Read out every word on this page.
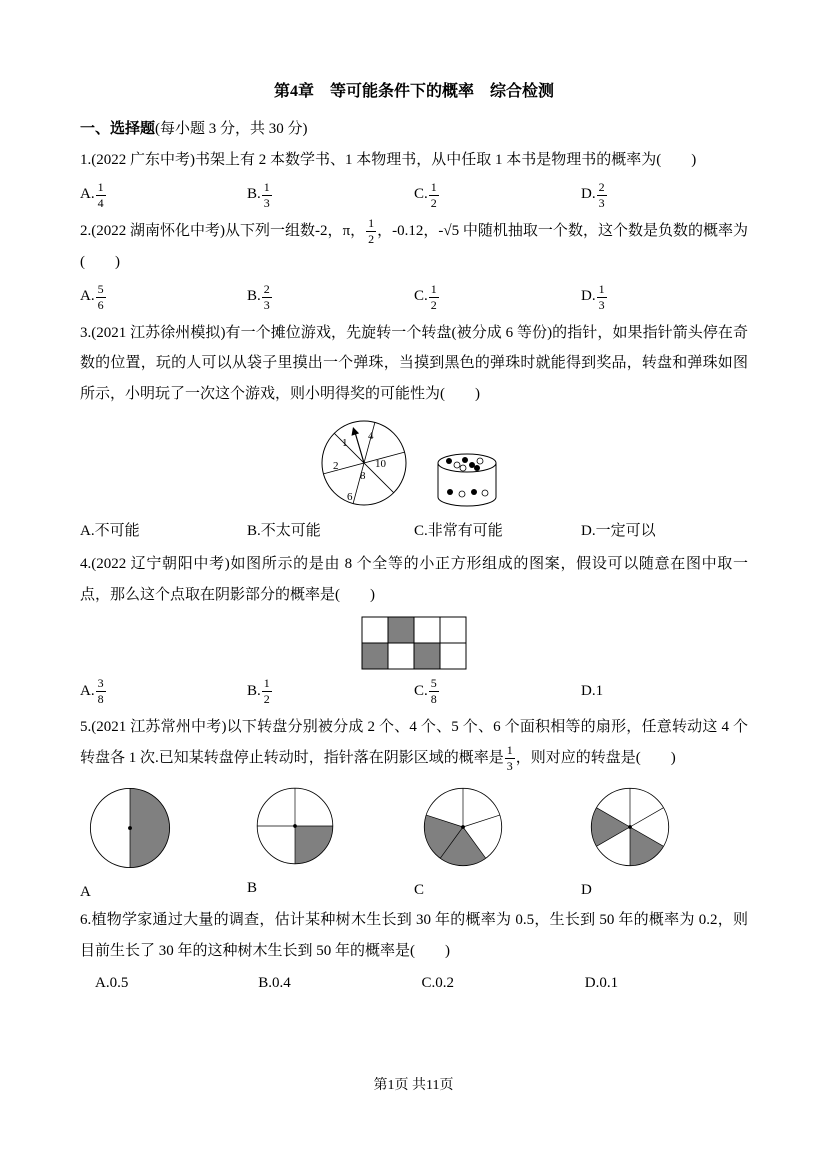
第4章　等可能条件下的概率　综合检测
一、选择题(每小题 3 分，共 30 分)
1.(2022 广东中考)书架上有 2 本数学书、1 本物理书，从中任取 1 本书是物理书的概率为(　　)
A. $\frac{1}{4}$	B. $\frac{1}{3}$	C. $\frac{1}{2}$	D. $\frac{2}{3}$
2.(2022 湖南怀化中考)从下列一组数-2，π， $\frac{1}{2}$ ，-0.12，-√5 中随机抽取一个数，这个数是负数的概率为(　　)
A. $\frac{5}{6}$	B. $\frac{2}{3}$	C. $\frac{1}{2}$	D. $\frac{1}{3}$
3.(2021 江苏徐州模拟)有一个摊位游戏，先旋转一个转盘(被分成 6 等份)的指针，如果指针箭头停在奇数的位置，玩的人可以从袋子里摸出一个弹珠，当摸到黑色的弹珠时就能得到奖品，转盘和弹珠如图所示，小明玩了一次这个游戏，则小明得奖的可能性为(　　)
1
4
2
8
10
6
A.不可能	B.不太可能	C.非常有可能	D.一定可以
4.(2022 辽宁朝阳中考)如图所示的是由 8 个全等的小正方形组成的图案，假设可以随意在图中取一点，那么这个点取在阴影部分的概率是(　　)
A. $\frac{3}{8}$	B. $\frac{1}{2}$	C. $\frac{5}{8}$	D.1
5.(2021 江苏常州中考)以下转盘分别被分成 2 个、4 个、5 个、6 个面积相等的扇形，任意转动这 4 个转盘各 1 次.已知某转盘停止转动时，指针落在阴影区域的概率是 $\frac{1}{3}$ ，则对应的转盘是(　　)
A	B	C	D
6.植物学家通过大量的调查，估计某种树木生长到 30 年的概率为 0.5，生长到 50 年的概率为 0.2，则目前生长了 30 年的这种树木生长到 50 年的概率是(　　)
A.0.5	B.0.4	C.0.2	D.0.1
第1页 共11页
